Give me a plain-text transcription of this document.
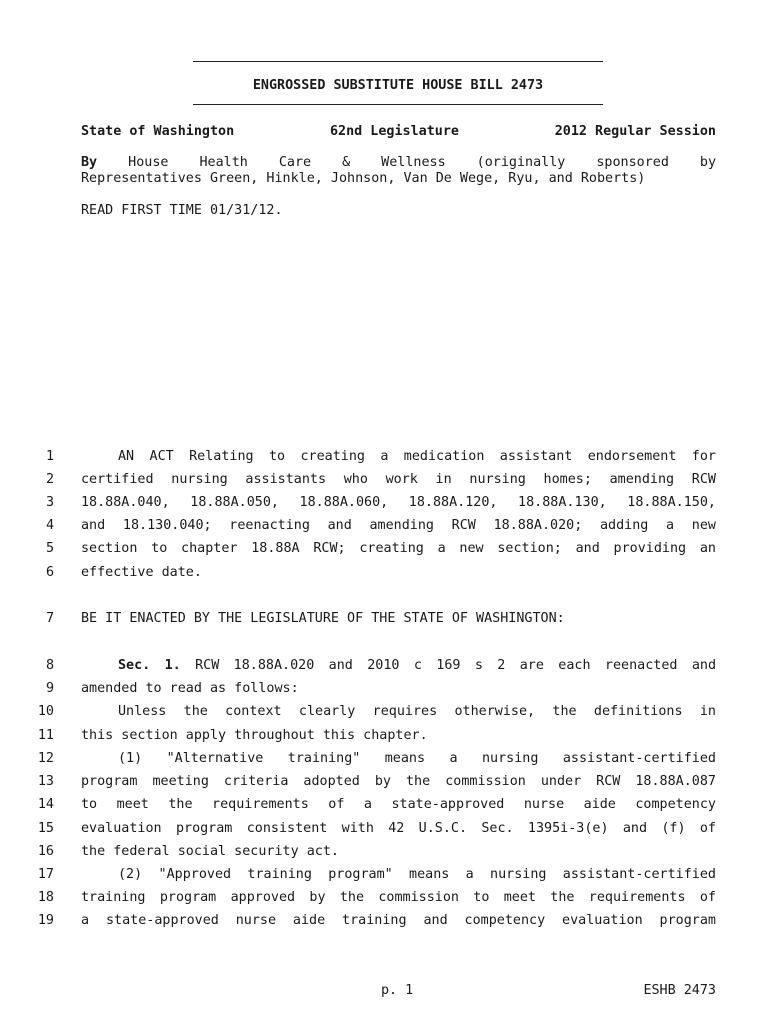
ENGROSSED SUBSTITUTE HOUSE BILL 2473
State of Washington	62nd Legislature	2012 Regular Session
By House Health Care & Wellness (originally sponsored by
Representatives Green, Hinkle, Johnson, Van De Wege, Ryu, and Roberts)
READ FIRST TIME 01/31/12.
1	AN ACT Relating to creating a medication assistant endorsement for
2 certified nursing assistants who work in nursing homes; amending RCW
3 18.88A.040, 18.88A.050, 18.88A.060, 18.88A.120, 18.88A.130, 18.88A.150,
4 and 18.130.040; reenacting and amending RCW 18.88A.020; adding a new
5 section to chapter 18.88A RCW; creating a new section; and providing an
6 effective date.
7 BE IT ENACTED BY THE LEGISLATURE OF THE STATE OF WASHINGTON:
8	Sec. 1. RCW 18.88A.020 and 2010 c 169 s 2 are each reenacted and
9 amended to read as follows:
10	Unless the context clearly requires otherwise, the definitions in
11 this section apply throughout this chapter.
12	(1) "Alternative training" means a nursing assistant-certified
13 program meeting criteria adopted by the commission under RCW 18.88A.087
14 to meet the requirements of a state-approved nurse aide competency
15 evaluation program consistent with 42 U.S.C. Sec. 1395i-3(e) and (f) of
16 the federal social security act.
17	(2) "Approved training program" means a nursing assistant-certified
18 training program approved by the commission to meet the requirements of
19 a state-approved nurse aide training and competency evaluation program
p. 1	ESHB 2473
